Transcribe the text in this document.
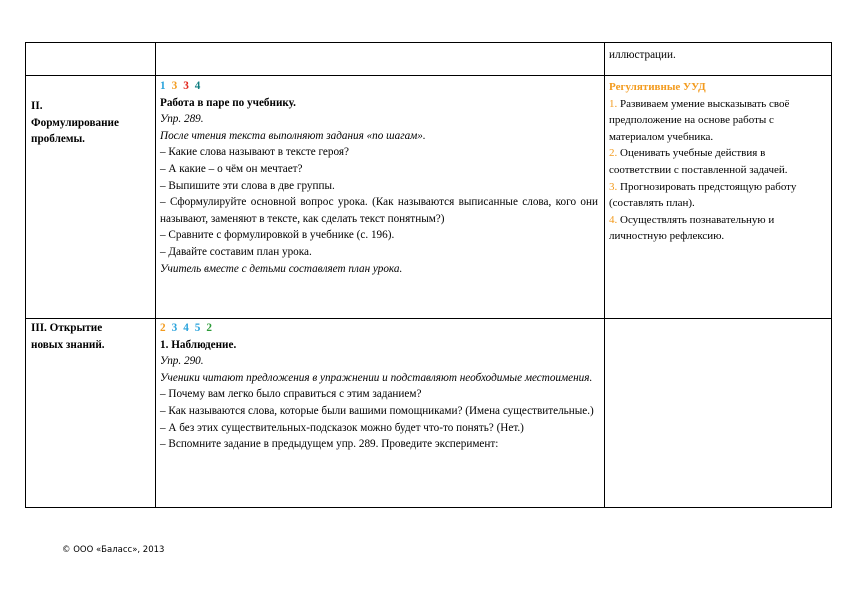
иллюстрации.
II.
Формулирование
проблемы.
1 3 3 4
Работа в паре по учебнику.
Упр. 289.
После чтения текста выполняют задания «по шагам».
– Какие слова называют в тексте героя?
– А какие – о чём он мечтает?
– Выпишите эти слова в две группы.
– Сформулируйте основной вопрос урока. (Как называются выписанные слова, кого они называют, заменяют в тексте, как сделать текст понятным?)
– Сравните с формулировкой в учебнике (с. 196).
– Давайте составим план урока.
Учитель вместе с детьми составляет план урока.
Регулятивные УУД
1. Развиваем умение высказывать своё предположение на основе работы с материалом учебника.
2. Оценивать учебные действия в соответствии с поставленной задачей.
3. Прогнозировать предстоящую работу (составлять план).
4. Осуществлять познавательную и личностную рефлексию.
III. Открытие
новых знаний.
2 3 4 5 2
1. Наблюдение.
Упр. 290.
Ученики читают предложения в упражнении и подставляют необходимые местоимения.
– Почему вам легко было справиться с этим заданием?
– Как называются слова, которые были вашими помощниками? (Имена существительные.)
– А без этих существительных-подсказок можно будет что-то понять? (Нет.)
– Вспомните задание в предыдущем упр. 289. Проведите эксперимент:
© ООО «Баласс», 2013
